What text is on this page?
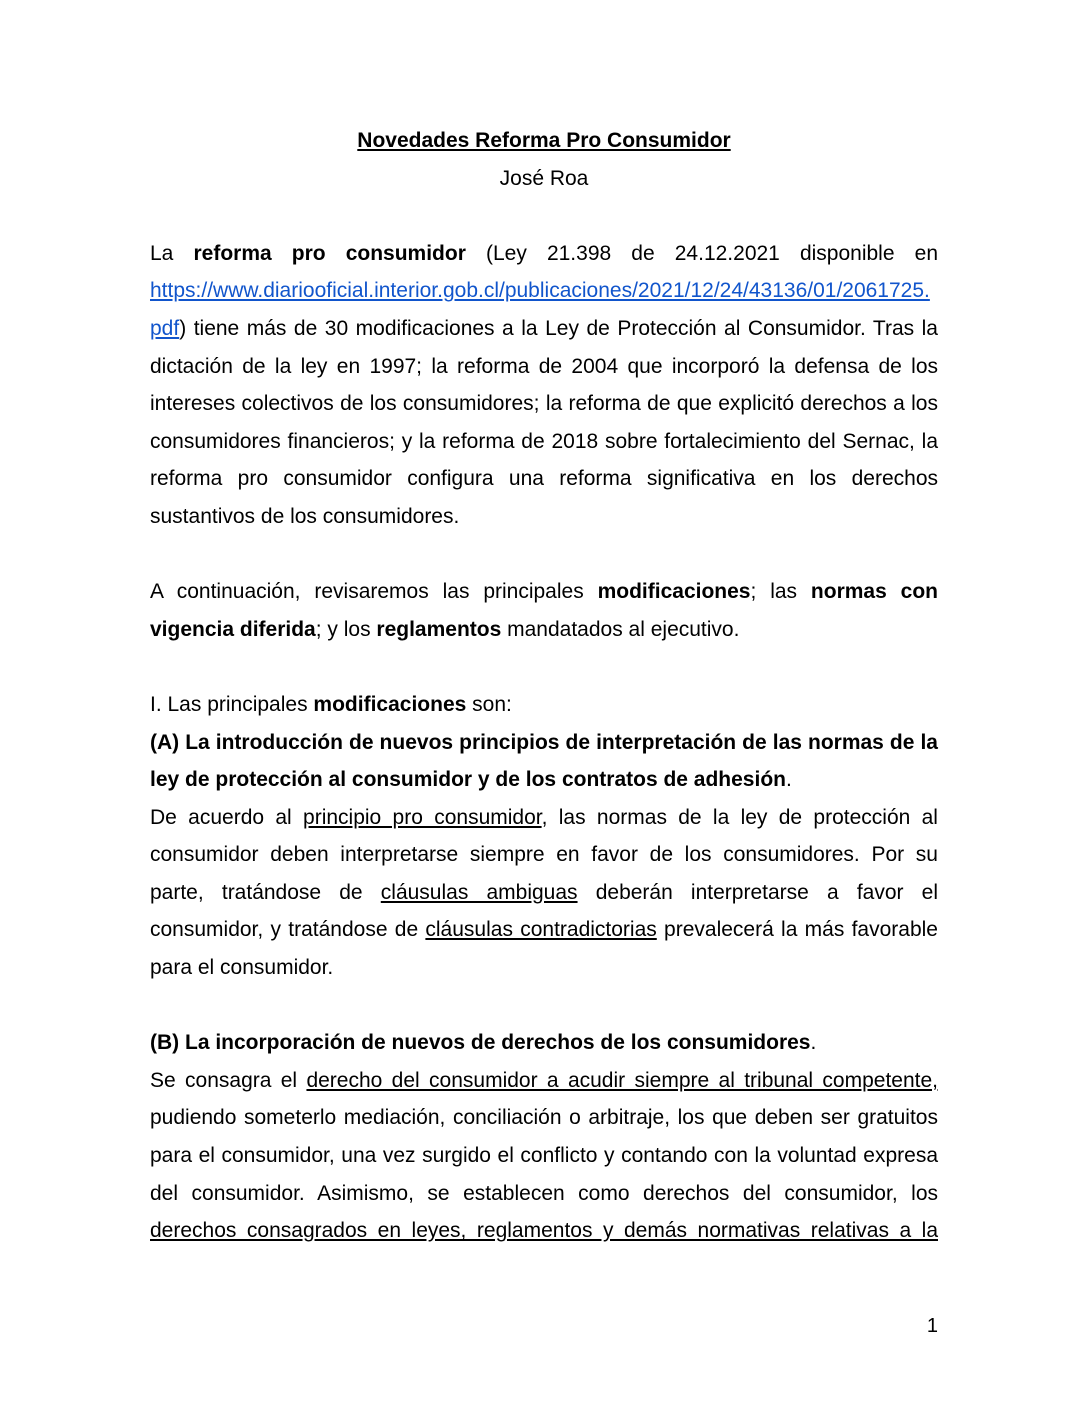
Novedades Reforma Pro Consumidor

José Roa

La reforma pro consumidor (Ley 21.398 de 24.12.2021 disponible en https://www.diariooficial.interior.gob.cl/publicaciones/2021/12/24/43136/01/2061725.pdf) tiene más de 30 modificaciones a la Ley de Protección al Consumidor. Tras la dictación de la ley en 1997; la reforma de 2004 que incorporó la defensa de los intereses colectivos de los consumidores; la reforma de que explicitó derechos a los consumidores financieros; y la reforma de 2018 sobre fortalecimiento del Sernac, la reforma pro consumidor configura una reforma significativa en los derechos sustantivos de los consumidores.

A continuación, revisaremos las principales modificaciones; las normas con vigencia diferida; y los reglamentos mandatados al ejecutivo.

I. Las principales modificaciones son:

(A) La introducción de nuevos principios de interpretación de las normas de la ley de protección al consumidor y de los contratos de adhesión.

De acuerdo al principio pro consumidor, las normas de la ley de protección al consumidor deben interpretarse siempre en favor de los consumidores. Por su parte, tratándose de cláusulas ambiguas deberán interpretarse a favor el consumidor, y tratándose de cláusulas contradictorias prevalecerá la más favorable para el consumidor.

(B) La incorporación de nuevos de derechos de los consumidores.

Se consagra el derecho del consumidor a acudir siempre al tribunal competente, pudiendo someterlo mediación, conciliación o arbitraje, los que deben ser gratuitos para el consumidor, una vez surgido el conflicto y contando con la voluntad expresa del consumidor. Asimismo, se establecen como derechos del consumidor, los derechos consagrados en leyes, reglamentos y demás normativas relativas a la

1
